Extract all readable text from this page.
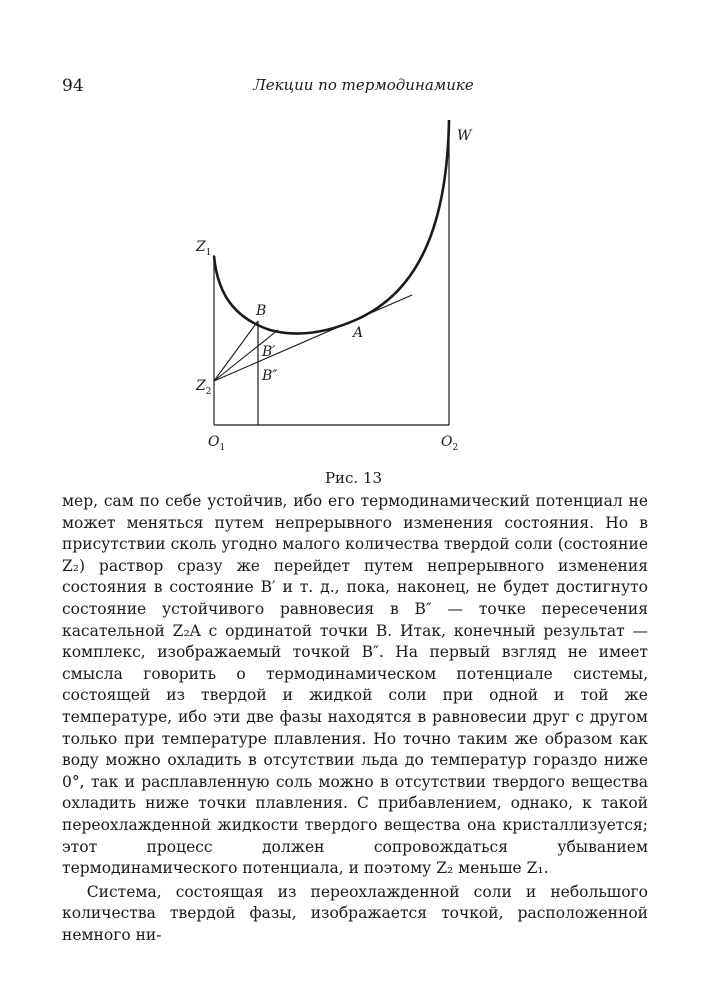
94	Лекции по термодинамике
W
$Z_1$
$Z_2$
$O_1$	$O_2$
B
B′
B″
A
Рис. 13

мер, сам по себе устойчив, ибо его термодинамический потенциал не может меняться путем непрерывного изменения состояния. Но в присутствии сколь угодно малого количества твердой соли (состояние Z₂) раствор сразу же перейдет путем непрерывного изменения состояния в состояние B′ и т. д., пока, наконец, не будет достигнуто состояние устойчивого равновесия в B″ — точке пересечения касательной Z₂A с ординатой точки B. Итак, конечный результат — комплекс, изображаемый точкой B″. На первый взгляд не имеет смысла говорить о термодинамическом потенциале системы, состоящей из твердой и жидкой соли при одной и той же температуре, ибо эти две фазы находятся в равновесии друг с другом только при температуре плавления. Но точно таким же образом как воду можно охладить в отсутствии льда до температур гораздо ниже 0°, так и расплавленную соль можно в отсутствии твердого вещества охладить ниже точки плавления. С прибавлением, однако, к такой переохлажденной жидкости твердого вещества она кристаллизуется; этот процесс должен сопровождаться убыванием термодинамического потенциала, и поэтому Z₂ меньше Z₁.

Система, состоящая из переохлажденной соли и небольшого количества твердой фазы, изображается точкой, расположенной немного ни-
